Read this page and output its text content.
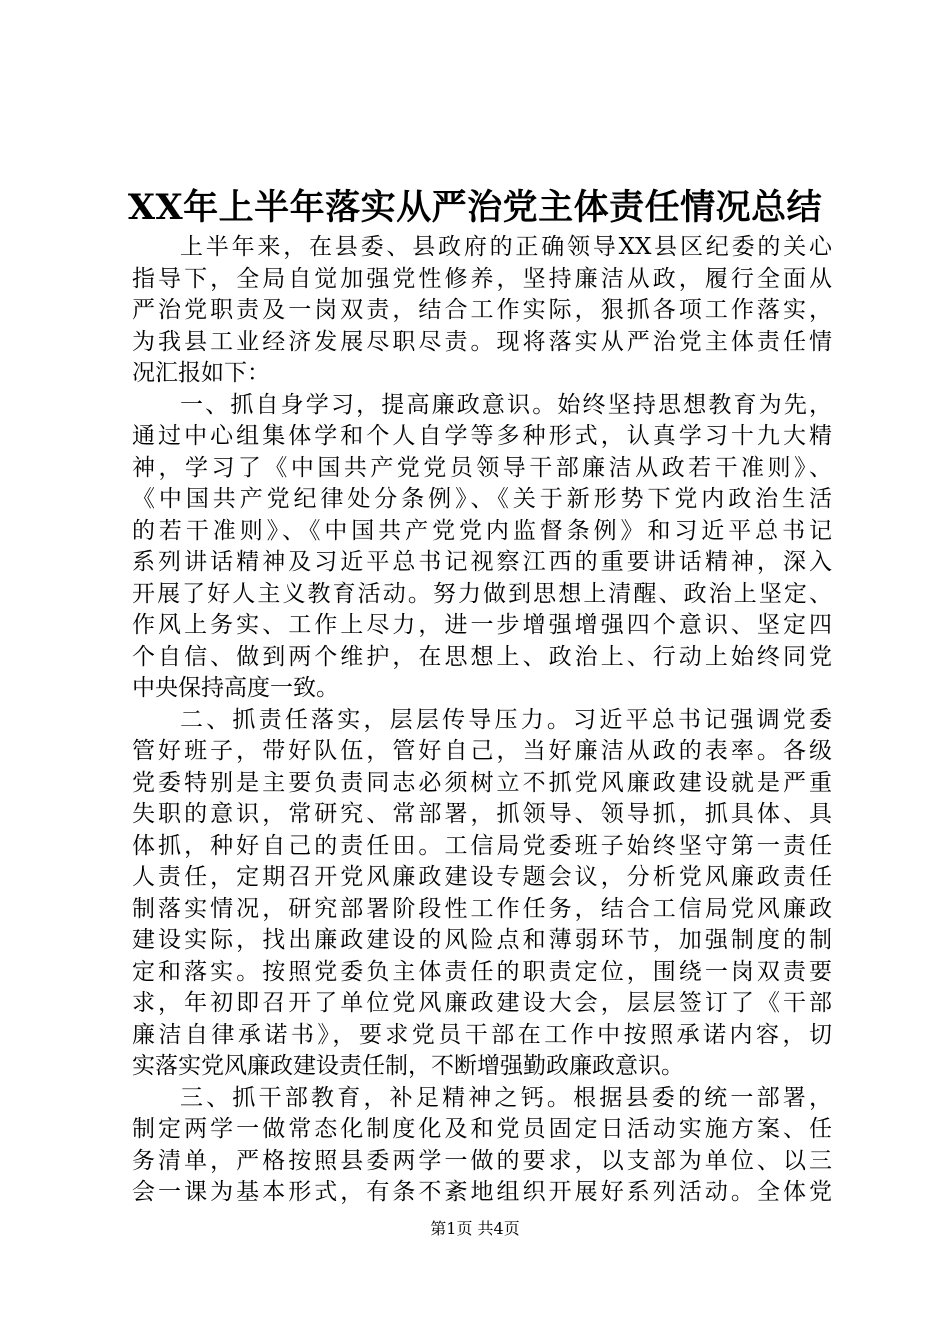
XX年上半年落实从严治党主体责任情况总结
上半年来，在县委、县政府的正确领导XX县区纪委的关心
指导下，全局自觉加强党性修养，坚持廉洁从政，履行全面从
严治党职责及一岗双责，结合工作实际，狠抓各项工作落实，
为我县工业经济发展尽职尽责。现将落实从严治党主体责任情
况汇报如下：
一、抓自身学习，提高廉政意识。始终坚持思想教育为先，
通过中心组集体学和个人自学等多种形式，认真学习十九大精
神，学习了《中国共产党党员领导干部廉洁从政若干准则》、
《中国共产党纪律处分条例》、《关于新形势下党内政治生活
的若干准则》、《中国共产党党内监督条例》和习近平总书记
系列讲话精神及习近平总书记视察江西的重要讲话精神，深入
开展了好人主义教育活动。努力做到思想上清醒、政治上坚定、
作风上务实、工作上尽力，进一步增强增强四个意识、坚定四
个自信、做到两个维护，在思想上、政治上、行动上始终同党
中央保持高度一致。
二、抓责任落实，层层传导压力。习近平总书记强调党委
管好班子，带好队伍，管好自己，当好廉洁从政的表率。各级
党委特别是主要负责同志必须树立不抓党风廉政建设就是严重
失职的意识，常研究、常部署，抓领导、领导抓，抓具体、具
体抓，种好自己的责任田。工信局党委班子始终坚守第一责任
人责任，定期召开党风廉政建设专题会议，分析党风廉政责任
制落实情况，研究部署阶段性工作任务，结合工信局党风廉政
建设实际，找出廉政建设的风险点和薄弱环节，加强制度的制
定和落实。按照党委负主体责任的职责定位，围绕一岗双责要
求，年初即召开了单位党风廉政建设大会，层层签订了《干部
廉洁自律承诺书》，要求党员干部在工作中按照承诺内容，切
实落实党风廉政建设责任制，不断增强勤政廉政意识。
三、抓干部教育，补足精神之钙。根据县委的统一部署，
制定两学一做常态化制度化及和党员固定日活动实施方案、任
务清单，严格按照县委两学一做的要求，以支部为单位、以三
会一课为基本形式，有条不紊地组织开展好系列活动。全体党
第1页 共4页
